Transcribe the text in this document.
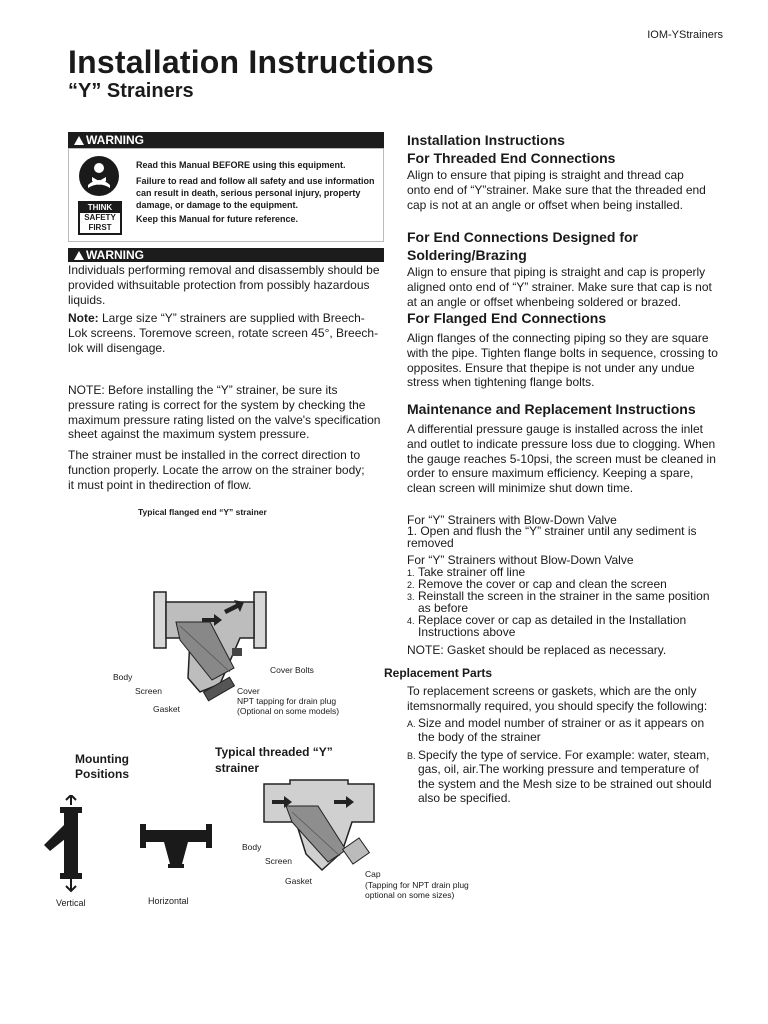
IOM-YStrainers
Installation Instructions
“Y” Strainers
WARNING
THINK
SAFETY
FIRST
Read this Manual BEFORE using this equipment.
Failure to read and follow all safety and use information can result in death, serious personal injury, property damage, or damage to the equipment.
Keep this Manual for future reference.
WARNING
Individuals performing removal and disassembly should be provided withsuitable protection from possibly hazardous liquids.
Note: Large size “Y” strainers are supplied with Breech-Lok screens. Toremove screen, rotate screen 45°, Breech-lok will disengage.
NOTE: Before installing the “Y” strainer, be sure its pressure rating is correct for the system by checking the maximum pressure rating listed on the valve's specification sheet against the maximum system pressure.
The strainer must be installed in the correct direction to function properly. Locate the arrow on the strainer body; it must point in thedirection of flow.
Typical flanged end “Y” strainer
Body
Screen
Gasket
Cover Bolts
Cover
NPT tapping for drain plug
(Optional on some models)
Mounting
Positions
Vertical	Horizontal
Typical threaded “Y”
strainer
Body
Screen
Gasket
Cap
(Tapping for NPT drain plug
optional on some sizes)
Installation Instructions
For Threaded End Connections
Align to ensure that piping is straight and thread cap onto end of “Y”strainer. Make sure that the threaded end cap is not at an angle or offset when being installed.
For End Connections Designed for Soldering/Brazing
Align to ensure that piping is straight and cap is properly aligned onto end of “Y” strainer. Make sure that cap is not at an angle or offset whenbeing soldered or brazed.
For Flanged End Connections
Align flanges of the connecting piping so they are square with the pipe. Tighten flange bolts in sequence, crossing to opposites. Ensure that thepipe is not under any undue stress when tightening flange bolts.
Maintenance and Replacement Instructions
A differential pressure gauge is installed across the inlet and outlet to indicate pressure loss due to clogging. When the gauge reaches 5-10psi, the screen must be cleaned in order to ensure maximum efficiency. Keeping a spare, clean screen will minimize shut down time.
For “Y” Strainers with Blow-Down Valve
1. Open and flush the “Y” strainer until any sediment is removed
For “Y” Strainers without Blow-Down Valve
1. Take strainer off line
2. Remove the cover or cap and clean the screen
3. Reinstall the screen in the strainer in the same position as before
4. Replace cover or cap as detailed in the Installation Instructions above
NOTE: Gasket should be replaced as necessary.
Replacement Parts
To replacement screens or gaskets, which are the only itemsnormally required, you should specify the following:
A. Size and model number of strainer or as it appears on the body of the strainer
B. Specify the type of service. For example: water, steam, gas, oil, air.The working pressure and temperature of the system and the Mesh size to be strained out should also be specified.
